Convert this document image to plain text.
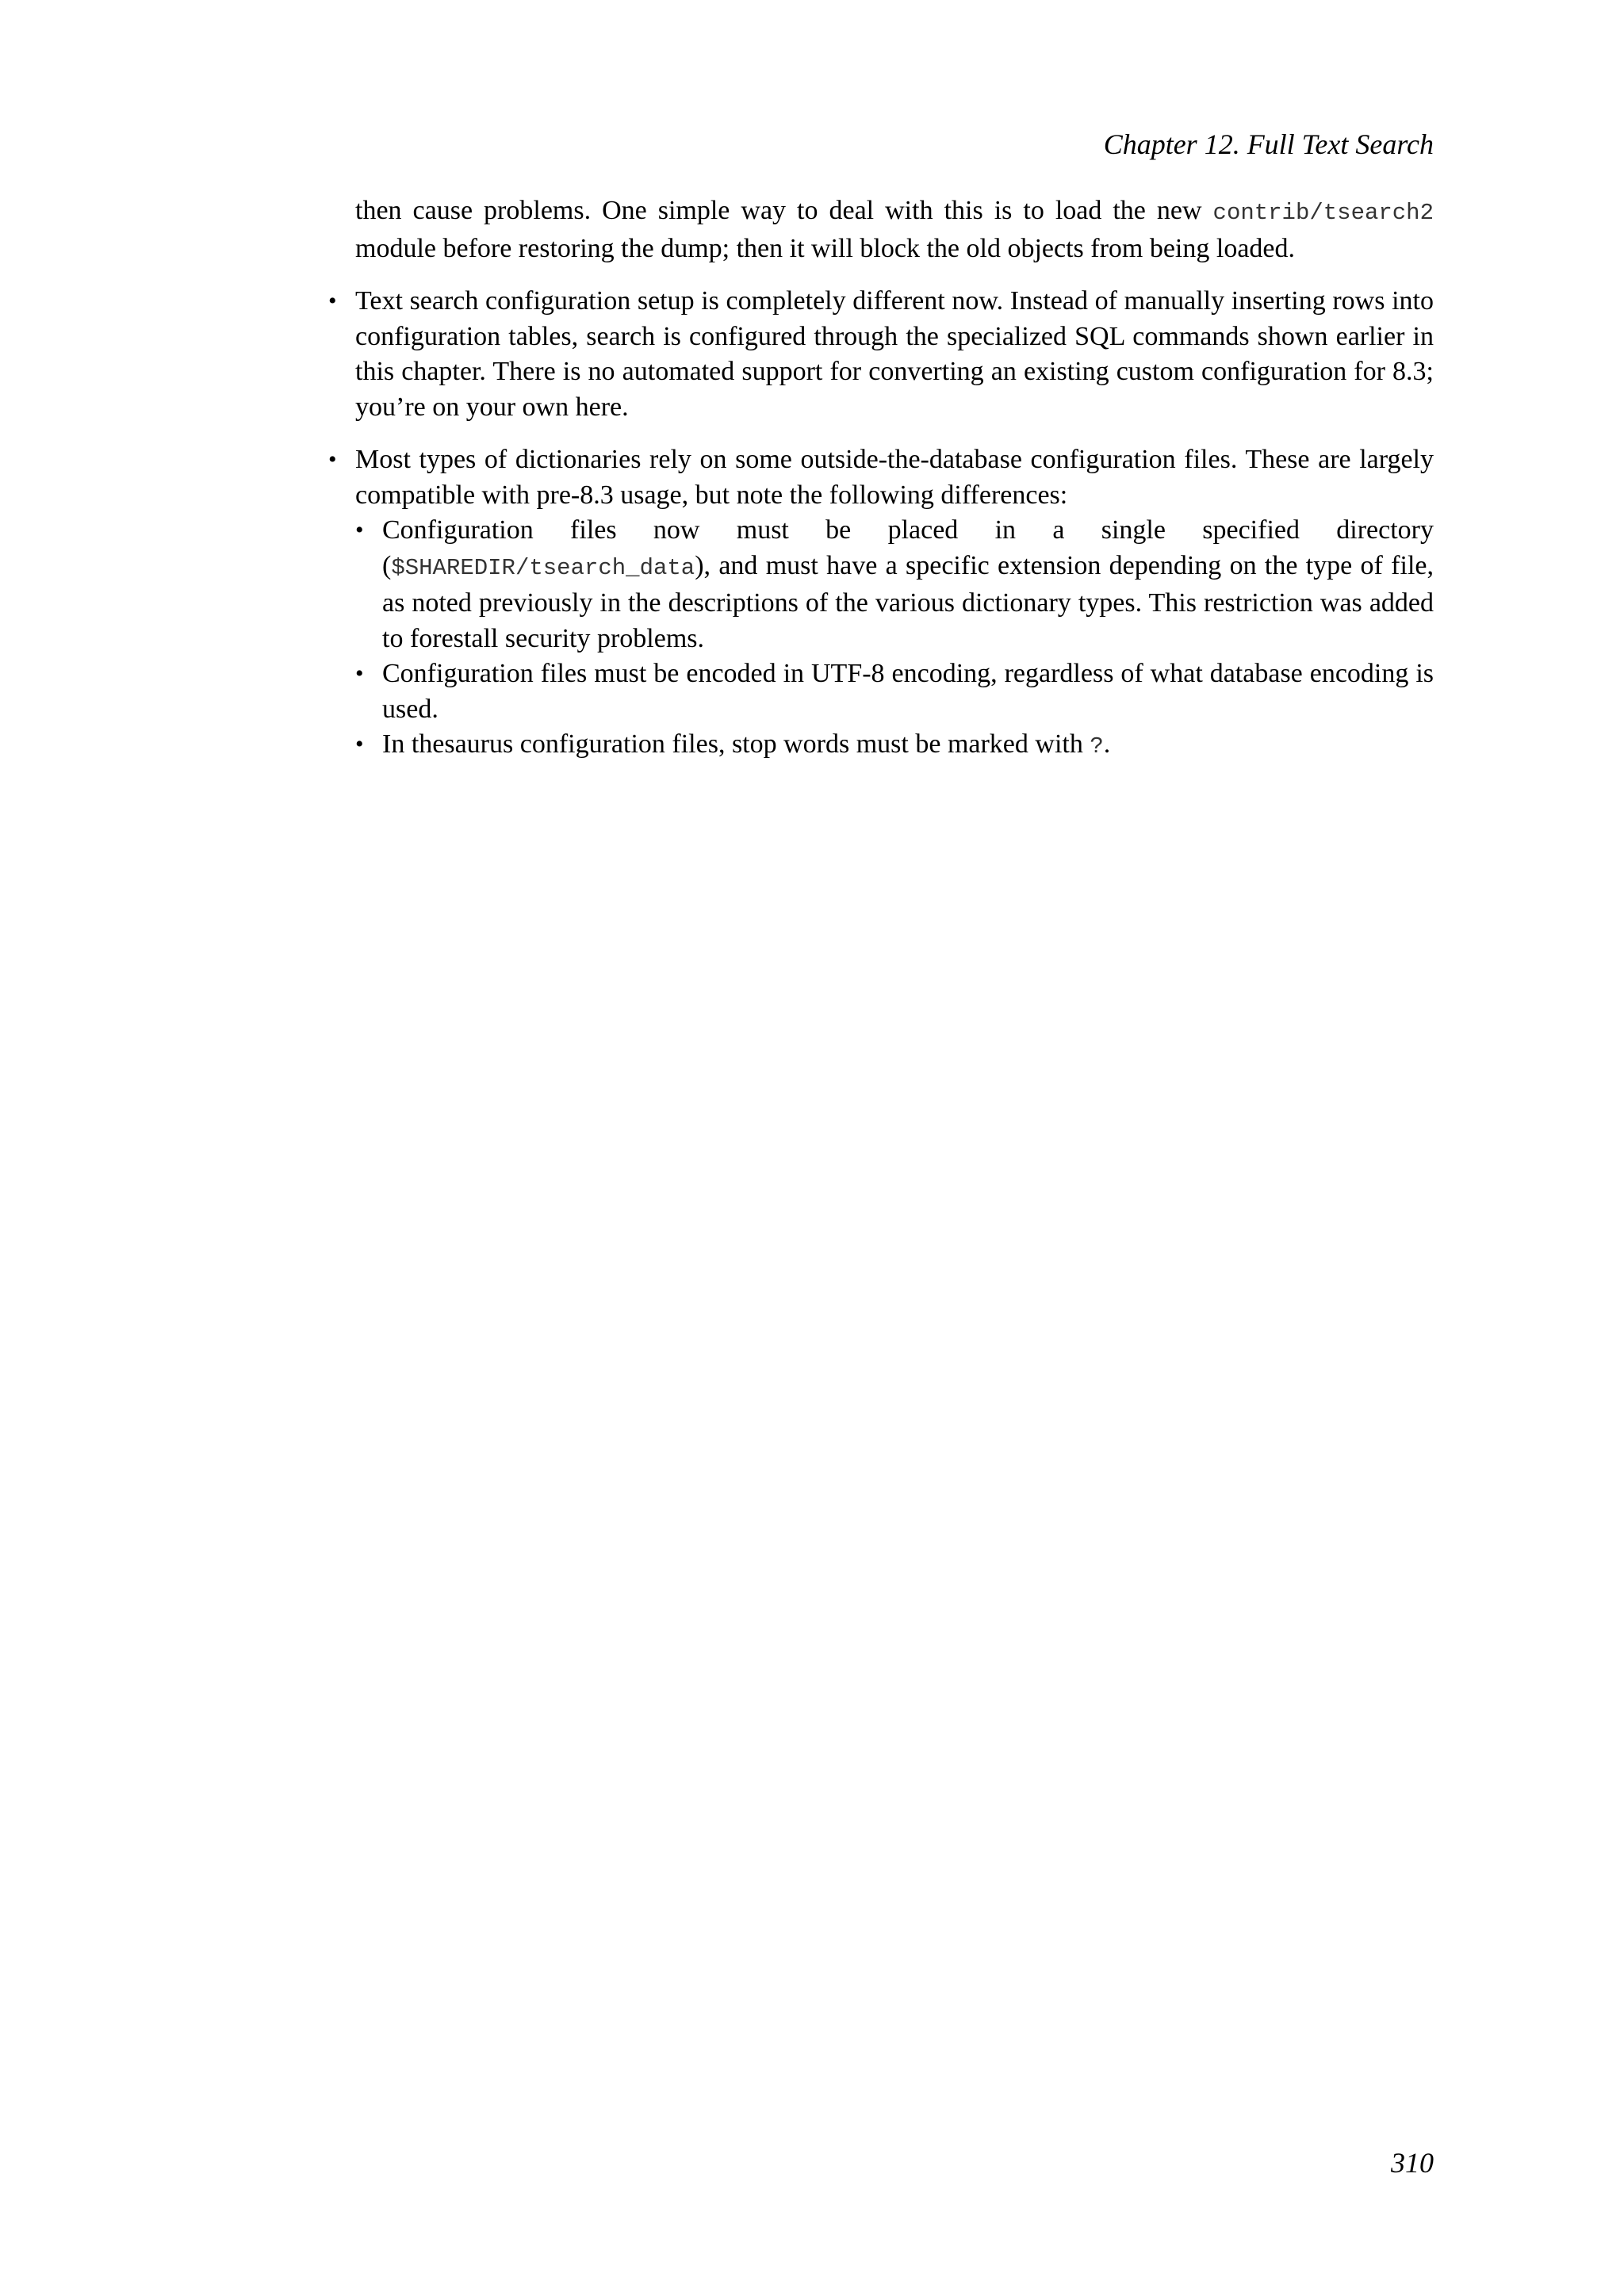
Chapter 12. Full Text Search

then cause problems. One simple way to deal with this is to load the new contrib/tsearch2 module before restoring the dump; then it will block the old objects from being loaded.

• Text search configuration setup is completely different now. Instead of manually inserting rows into configuration tables, search is configured through the specialized SQL commands shown earlier in this chapter. There is no automated support for converting an existing custom configuration for 8.3; you’re on your own here.

• Most types of dictionaries rely on some outside-the-database configuration files. These are largely compatible with pre-8.3 usage, but note the following differences:

• Configuration files now must be placed in a single specified directory ($SHAREDIR/tsearch_data), and must have a specific extension depending on the type of file, as noted previously in the descriptions of the various dictionary types. This restriction was added to forestall security problems.

• Configuration files must be encoded in UTF-8 encoding, regardless of what database encoding is used.

• In thesaurus configuration files, stop words must be marked with ?.

310
